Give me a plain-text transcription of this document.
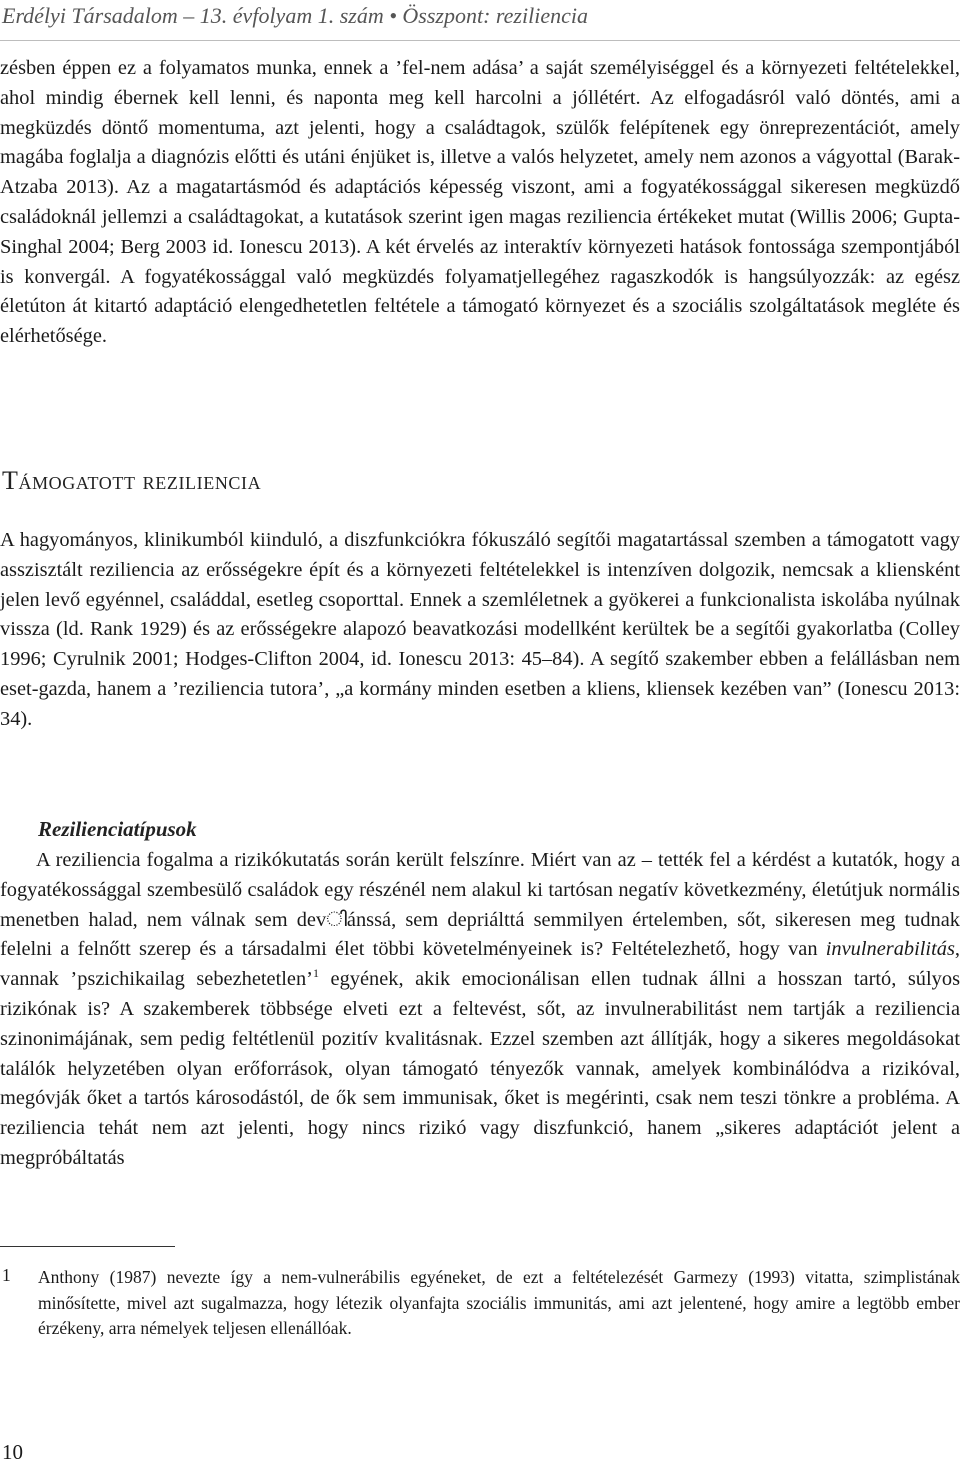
Erdélyi Társadalom – 13. évfolyam 1. szám • Összpont: reziliencia

zésben éppen ez a folyamatos munka, ennek a ’fel-nem adása’ a saját személyiséggel és a környezeti feltételekkel, ahol mindig ébernek kell lenni, és naponta meg kell harcolni a jóllétért. Az elfogadásról való döntés, ami a megküzdés döntő momentuma, azt jelenti, hogy a családtagok, szülők felépítenek egy önreprezentációt, amely magába foglalja a diagnózis előtti és utáni énjüket is, illetve a valós helyzetet, amely nem azonos a vágyottal (Barak-Atzaba 2013). Az a magatartásmód és adaptációs képesség viszont, ami a fogyatékossággal sikeresen megküzdő családoknál jellemzi a családtagokat, a kutatások szerint igen magas reziliencia értékeket mutat (Willis 2006; Gupta-Singhal 2004; Berg 2003 id. Ionescu 2013). A két érvelés az interaktív környezeti hatások fontossága szempontjából is konvergál. A fogyatékossággal való megküzdés folyamatjellegéhez ragaszkodók is hangsúlyozzák: az egész életúton át kitartó adaptáció elengedhetetlen feltétele a támogató környezet és a szociális szolgáltatások megléte és elérhetősége.

Támogatott reziliencia

A hagyományos, klinikumból kiinduló, a diszfunkciókra fókuszáló segítői magatartással szemben a támogatott vagy asszisztált reziliencia az erősségekre épít és a környezeti feltételekkel is intenzíven dolgozik, nemcsak a kliensként jelen levő egyénnel, családdal, esetleg csoporttal. Ennek a szemléletnek a gyökerei a funkcionalista iskolába nyúlnak vissza (ld. Rank 1929) és az erősségekre alapozó beavatkozási modellként kerültek be a segítői gyakorlatba (Colley 1996; Cyrulnik 2001; Hodges-Clifton 2004, id. Ionescu 2013: 45–84). A segítő szakember ebben a felállásban nem eset-gazda, hanem a ’reziliencia tutora’, „a kormány minden esetben a kliens, kliensek kezében van” (Ionescu 2013: 34).

Rezilienciatípusok

A reziliencia fogalma a rizikókutatás során került felszínre. Miért van az – tették fel a kérdést a kutatók, hogy a fogyatékossággal szembesülő családok egy részénél nem alakul ki tartósan negatív következmény, életútjuk normális menetben halad, nem válnak sem devിánssá, sem depriálttá semmilyen értelemben, sőt, sikeresen meg tudnak felelni a felnőtt szerep és a társadalmi élet többi követelményeinek is? Feltételezhető, hogy van invulnerabilitás, vannak ’pszichikailag sebezhetetlen’$^1$ egyének, akik emocionálisan ellen tudnak állni a hosszan tartó, súlyos rizikónak is? A szakemberek többsége elveti ezt a feltevést, sőt, az invulnerabilitást nem tartják a reziliencia szinonimájának, sem pedig feltétlenül pozitív kvalitásnak. Ezzel szemben azt állítják, hogy a sikeres megoldásokat találók helyzetében olyan erőforrások, olyan támogató tényezők vannak, amelyek kombinálódva a rizikóval, megóvják őket a tartós károsodástól, de ők sem immunisak, őket is megérinti, csak nem teszi tönkre a probléma. A reziliencia tehát nem azt jelenti, hogy nincs rizikó vagy diszfunkció, hanem „sikeres adaptációt jelent a megpróbáltatás

1 Anthony (1987) nevezte így a nem-vulnerábilis egyéneket, de ezt a feltételezését Garmezy (1993) vitatta, szimplistának minősítette, mivel azt sugalmazza, hogy létezik olyanfajta szociális immunitás, ami azt jelentené, hogy amire a legtöbb ember érzékeny, arra némelyek teljesen ellenállóak.

10
